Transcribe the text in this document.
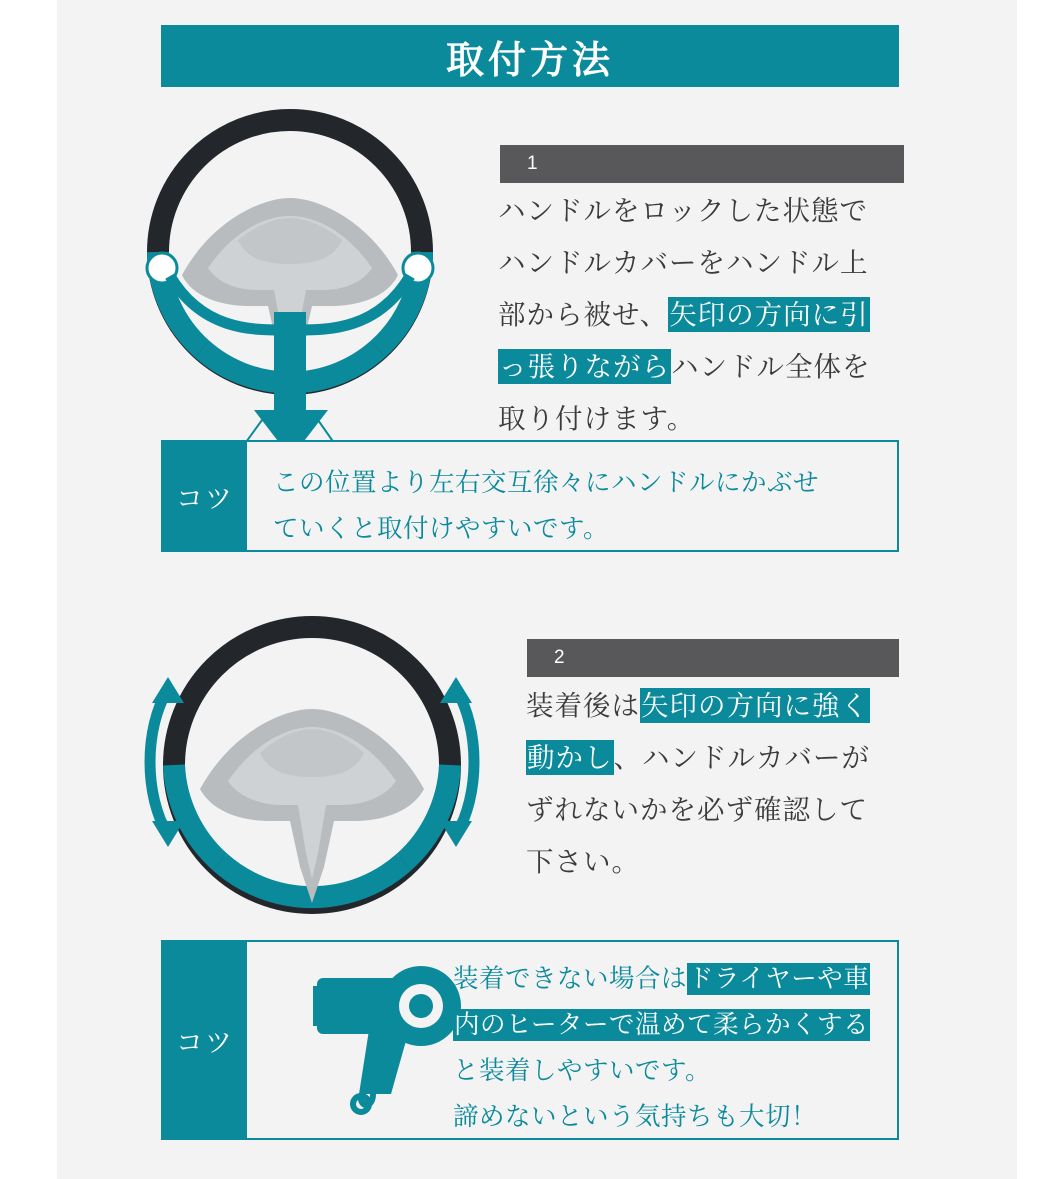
取付方法
1
ハンドルをロックした状態で
ハンドルカバーをハンドル上
部から被せ、矢印の方向に引
っ張りながらハンドル全体を
取り付けます。
コツ
この位置より左右交互徐々にハンドルにかぶせ
ていくと取付けやすいです。
2
装着後は矢印の方向に強く
動かし、ハンドルカバーが
ずれないかを必ず確認して
下さい。
コツ
装着できない場合はドライヤーや車
内のヒーターで温めて柔らかくする
と装着しやすいです。
諦めないという気持ちも大切！
